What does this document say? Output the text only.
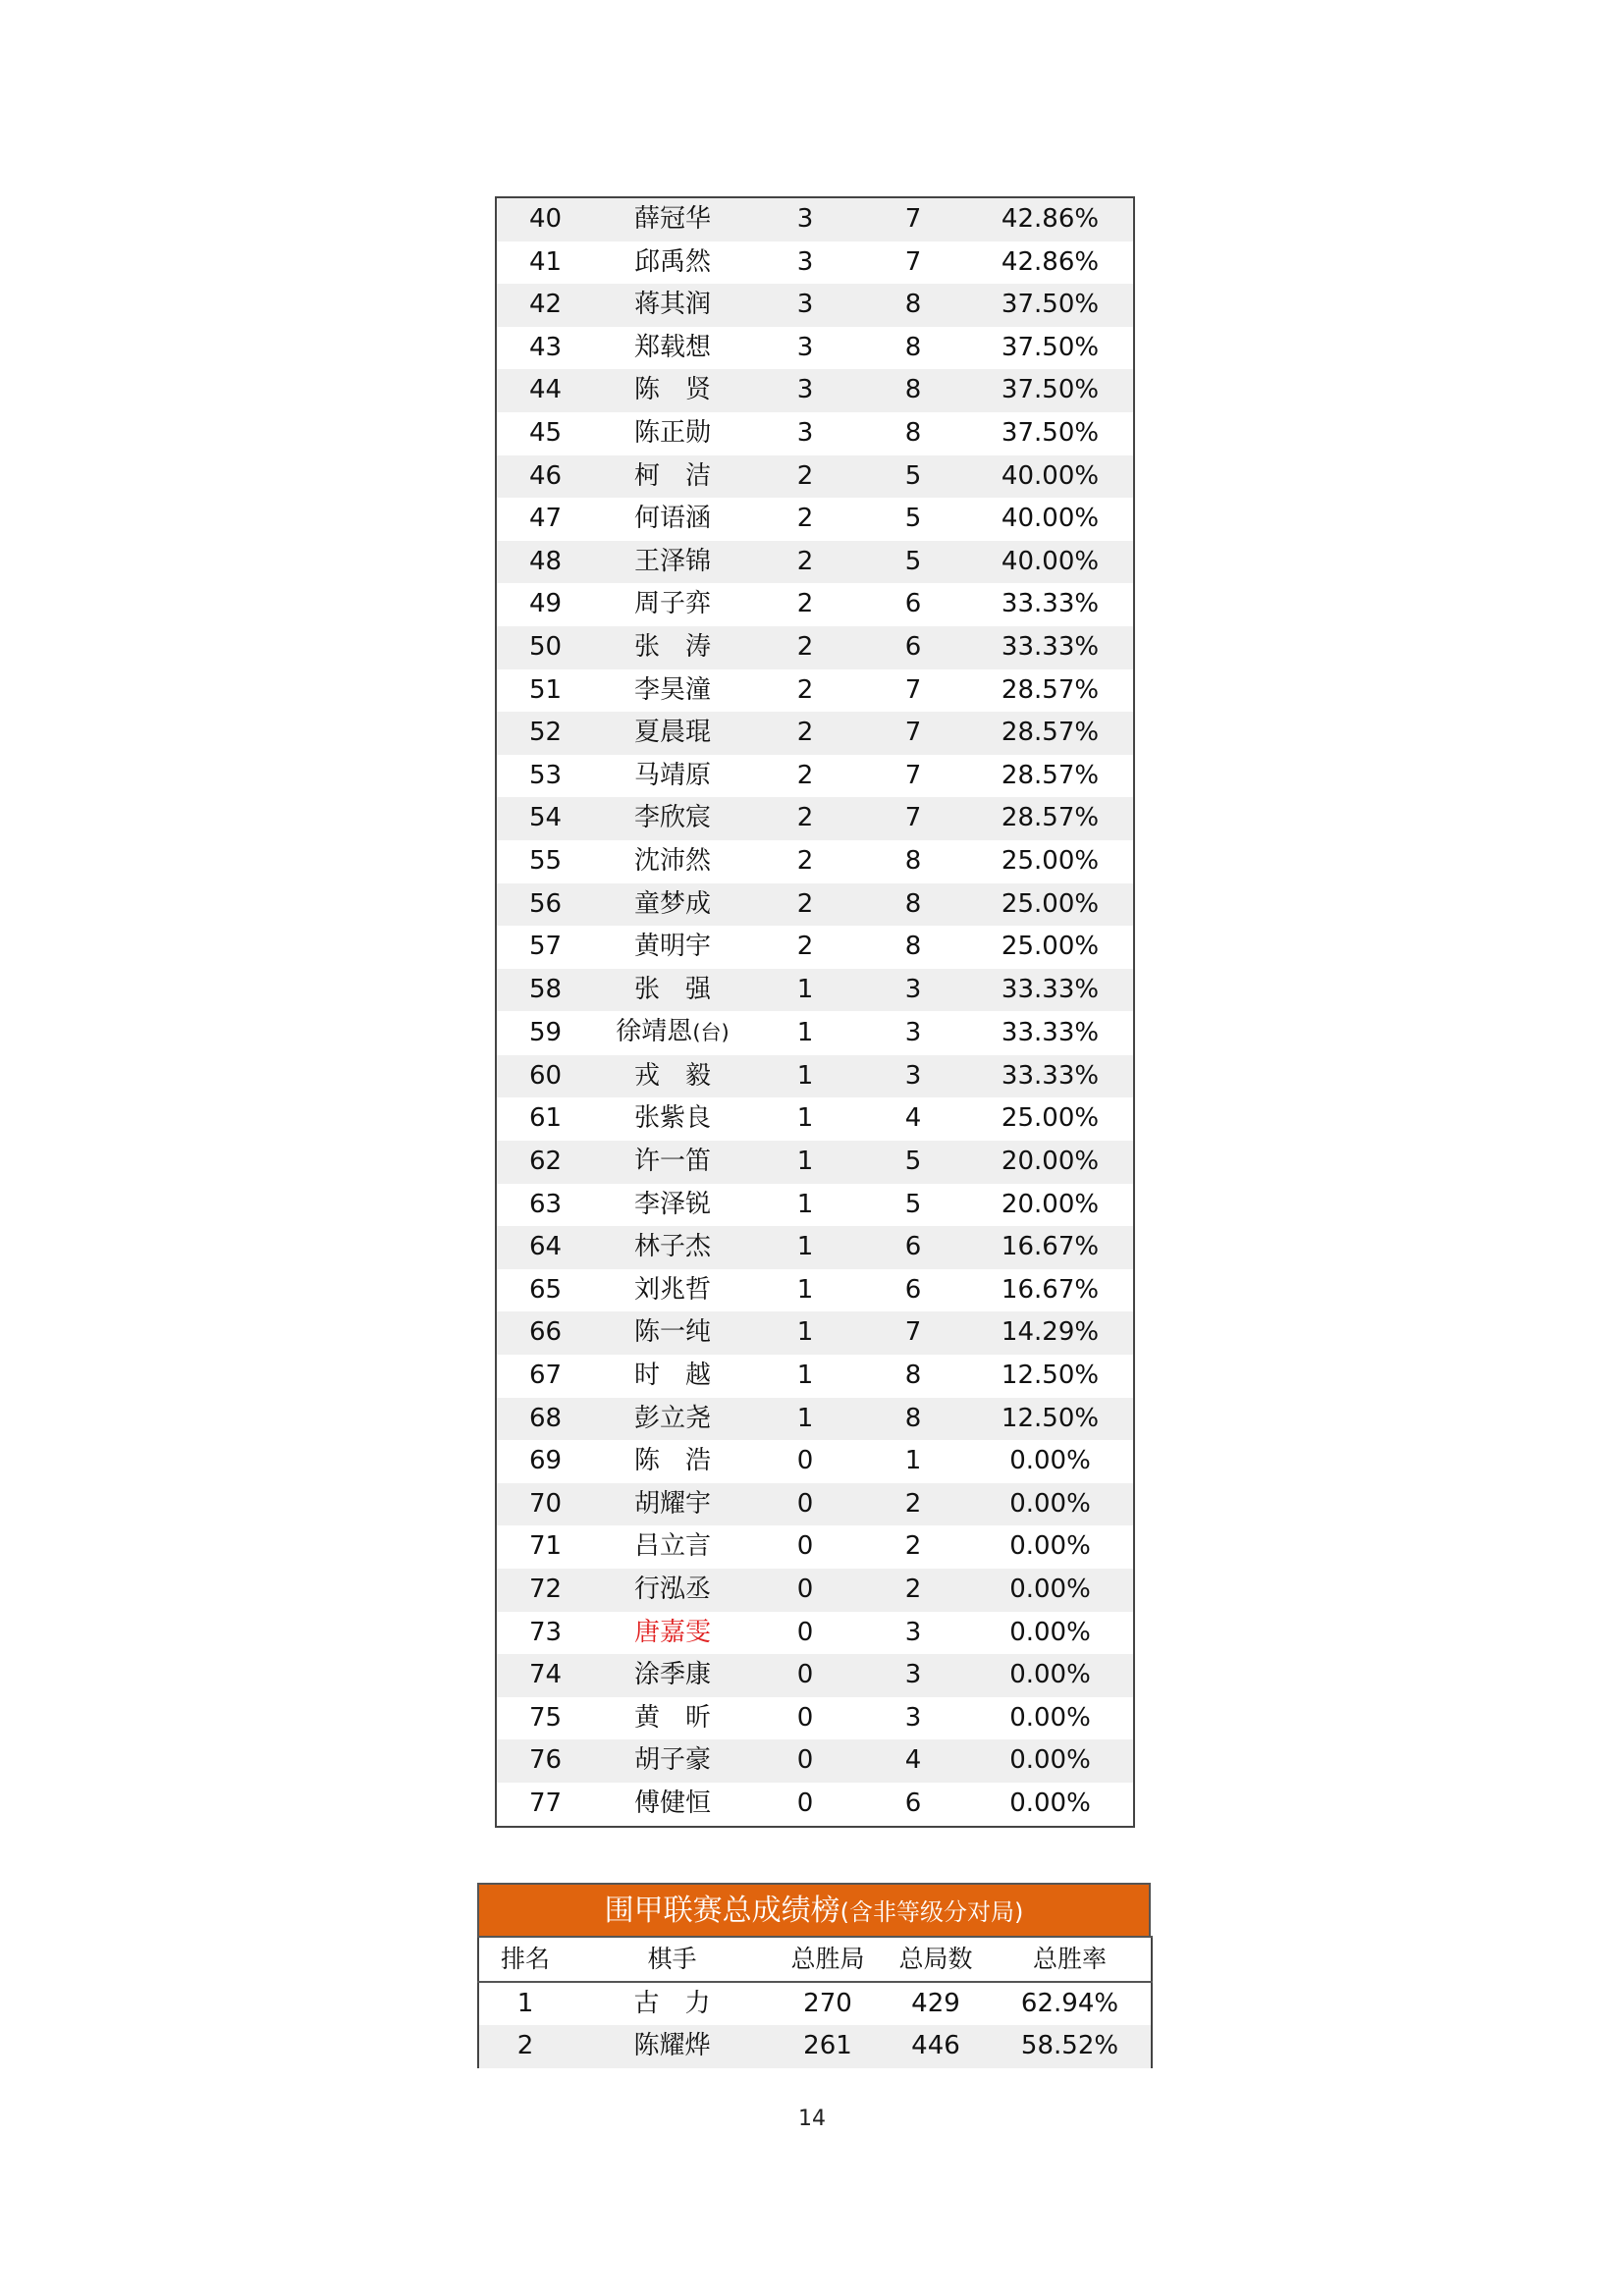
40	薛冠华	3	7	42.86%
41	邱禹然	3	7	42.86%
42	蒋其润	3	8	37.50%
43	郑载想	3	8	37.50%
44	陈　贤	3	8	37.50%
45	陈正勋	3	8	37.50%
46	柯　洁	2	5	40.00%
47	何语涵	2	5	40.00%
48	王泽锦	2	5	40.00%
49	周子弈	2	6	33.33%
50	张　涛	2	6	33.33%
51	李昊潼	2	7	28.57%
52	夏晨琨	2	7	28.57%
53	马靖原	2	7	28.57%
54	李欣宸	2	7	28.57%
55	沈沛然	2	8	25.00%
56	童梦成	2	8	25.00%
57	黄明宇	2	8	25.00%
58	张　强	1	3	33.33%
59	徐靖恩(台)	1	3	33.33%
60	戎　毅	1	3	33.33%
61	张紫良	1	4	25.00%
62	许一笛	1	5	20.00%
63	李泽锐	1	5	20.00%
64	林子杰	1	6	16.67%
65	刘兆哲	1	6	16.67%
66	陈一纯	1	7	14.29%
67	时　越	1	8	12.50%
68	彭立尧	1	8	12.50%
69	陈　浩	0	1	0.00%
70	胡耀宇	0	2	0.00%
71	吕立言	0	2	0.00%
72	行泓丞	0	2	0.00%
73	唐嘉雯	0	3	0.00%
74	涂季康	0	3	0.00%
75	黄　昕	0	3	0.00%
76	胡子豪	0	4	0.00%
77	傅健恒	0	6	0.00%
围甲联赛总成绩榜(含非等级分对局)
排名	棋手	总胜局	总局数	总胜率
1	古　力	270	429	62.94%
2	陈耀烨	261	446	58.52%
14
